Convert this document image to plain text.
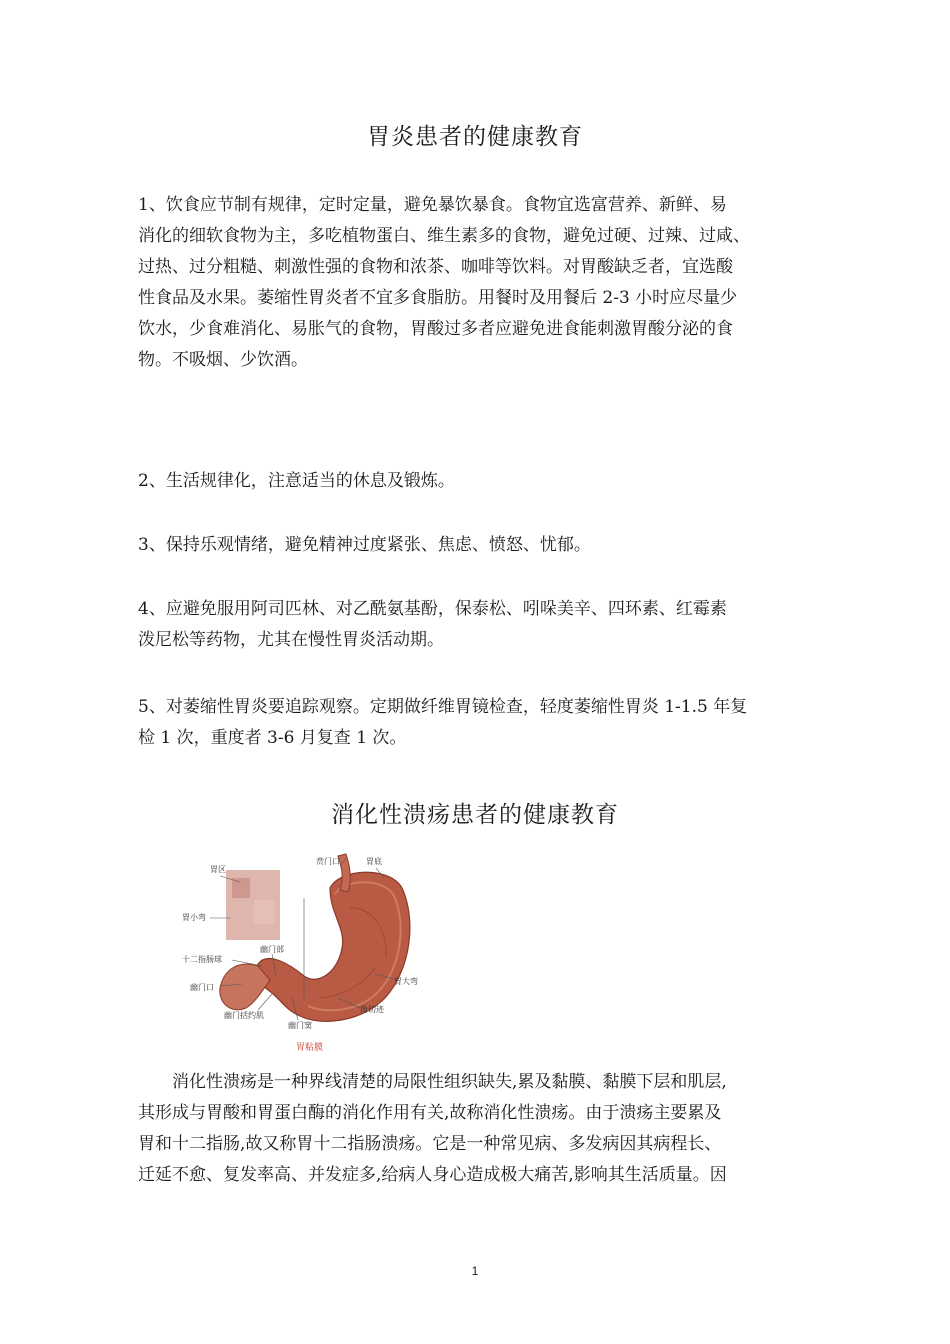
胃炎患者的健康教育
1、饮食应节制有规律，定时定量，避免暴饮暴食。食物宜选富营养、新鲜、易
消化的细软食物为主，多吃植物蛋白、维生素多的食物，避免过硬、过辣、过咸、
过热、过分粗糙、刺激性强的食物和浓茶、咖啡等饮料。对胃酸缺乏者，宜选酸
性食品及水果。萎缩性胃炎者不宜多食脂肪。用餐时及用餐后 2-3 小时应尽量少
饮水，少食难消化、易胀气的食物，胃酸过多者应避免进食能刺激胃酸分泌的食
物。不吸烟、少饮酒。
2、生活规律化，注意适当的休息及锻炼。
3、保持乐观情绪，避免精神过度紧张、焦虑、愤怒、忧郁。
4、应避免服用阿司匹林、对乙酰氨基酚，保泰松、吲哚美辛、四环素、红霉素
泼尼松等药物，尤其在慢性胃炎活动期。
5、对萎缩性胃炎要追踪观察。定期做纤维胃镜检查，轻度萎缩性胃炎 1-1.5 年复
检 1 次，重度者 3-6 月复查 1 次。
消化性溃疡患者的健康教育
胃区
贲门口	胃底
胃小弯
幽门部
十二指肠球
幽门口
胃大弯
幽门括约肌
幽门窦
角切迹
胃粘膜
　　消化性溃疡是一种界线清楚的局限性组织缺失,累及黏膜、黏膜下层和肌层,
其形成与胃酸和胃蛋白酶的消化作用有关,故称消化性溃疡。由于溃疡主要累及
胃和十二指肠,故又称胃十二指肠溃疡。它是一种常见病、多发病因其病程长、
迁延不愈、复发率高、并发症多,给病人身心造成极大痛苦,影响其生活质量。因
1
